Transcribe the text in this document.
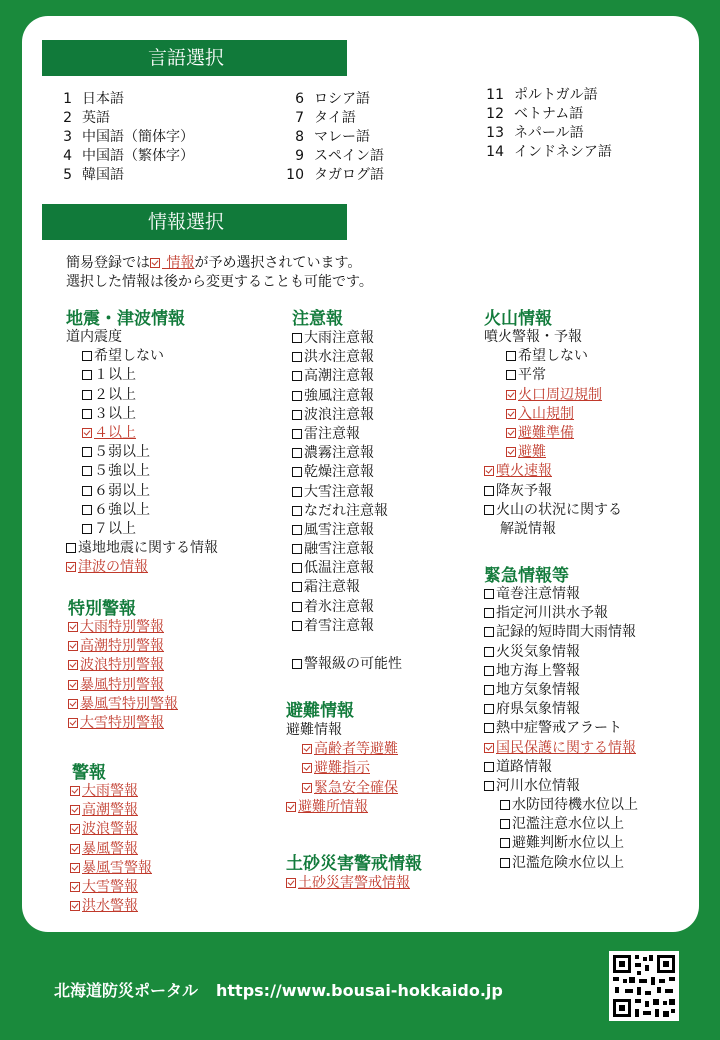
言語選択
1 日本語
2 英語
3 中国語（簡体字）
4 中国語（繁体字）
5 韓国語
6 ロシア語
7 タイ語
8 マレー語
9 スペイン語
10 タガログ語
11 ポルトガル語
12 ベトナム語
13 ネパール語
14 インドネシア語
情報選択
簡易登録では 情報が予め選択されています。
選択した情報は後から変更することも可能です。
地震・津波情報	注意報	火山情報
特別警報
警報
避難情報
土砂災害警戒情報
緊急情報等
道内震度
希望しない
１以上
２以上
３以上
４以上
５弱以上
５強以上
６弱以上
６強以上
７以上
遠地地震に関する情報
津波の情報
大雨特別警報
高潮特別警報
波浪特別警報
暴風特別警報
暴風雪特別警報
大雪特別警報
大雨警報
高潮警報
波浪警報
暴風警報
暴風雪警報
大雪警報
洪水警報
大雨注意報
洪水注意報
高潮注意報
強風注意報
波浪注意報
雷注意報
濃霧注意報
乾燥注意報
大雪注意報
なだれ注意報
風雪注意報
融雪注意報
低温注意報
霜注意報
着氷注意報
着雪注意報
警報級の可能性
避難情報
高齢者等避難
避難指示
緊急安全確保
避難所情報
土砂災害警戒情報
噴火警報・予報
希望しない
平常
火口周辺規制
入山規制
避難準備
避難
噴火速報
降灰予報
火山の状況に関する
解説情報
竜巻注意情報
指定河川洪水予報
記録的短時間大雨情報
火災気象情報
地方海上警報
地方気象情報
府県気象情報
熱中症警戒アラート
国民保護に関する情報
道路情報
河川水位情報
水防団待機水位以上
氾濫注意水位以上
避難判断水位以上
氾濫危険水位以上
北海道防災ポータル https://www.bousai-hokkaido.jp
